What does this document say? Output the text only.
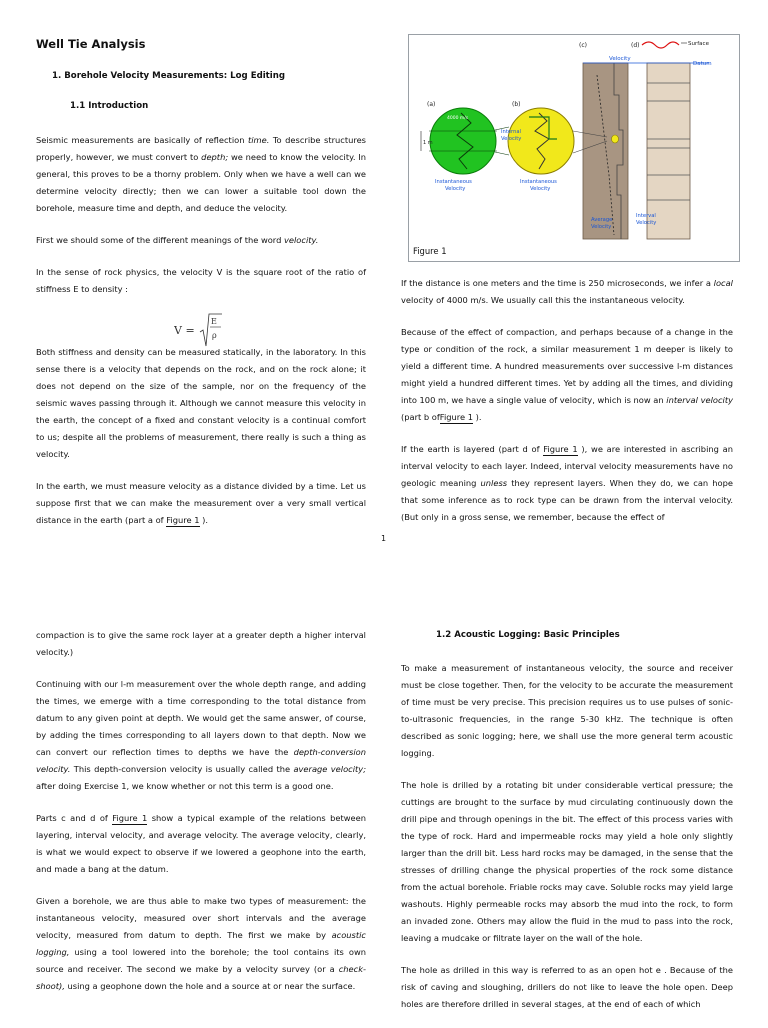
Well Tie Analysis
1. Borehole Velocity Measurements: Log Editing
1.1 Introduction

Seismic measurements are basically of reflection time. To describe structures properly, however, we must convert to depth; we need to know the velocity. In general, this proves to be a thorny problem. Only when we have a well can we determine velocity directly; then we can lower a suitable tool down the borehole, measure time and depth, and deduce the velocity.

First we should some of the different meanings of the word velocity.

In the sense of rock physics, the velocity V is the square root of the ratio of stiffness E to density :

Both stiffness and density can be measured statically, in the laboratory. In this sense there is a velocity that depends on the rock, and on the rock alone; it does not depend on the size of the sample, nor on the frequency of the seismic waves passing through it. Although we cannot measure this velocity in the earth, the concept of a fixed and constant velocity is a continual comfort to us; despite all the problems of measurement, there really is such a thing as velocity.

In the earth, we must measure velocity as a distance divided by a time. Let us suppose first that we can make the measurement over a very small vertical distance in the earth (part a of Figure 1 ).

V =
E
ρ
(c)	(d)	Surface
Datum
Velocity
(a)	(b)
4000 m/s
1 m
Instantaneous Velocity
Instantaneous Velocity
Internal Velocity
Average Velocity
Interval Velocity
Figure 1

If the distance is one meters and the time is 250 microseconds, we infer a local velocity of 4000 m/s. We usually call this the instantaneous velocity.

Because of the effect of compaction, and perhaps because of a change in the type or condition of the rock, a similar measurement 1 m deeper is likely to yield a different time. A hundred measurements over successive l-m distances might yield a hundred different times. Yet by adding all the times, and dividing into 100 m, we have a single value of velocity, which is now an interval velocity (part b ofFigure 1 ).

If the earth is layered (part d of Figure 1 ), we are interested in ascribing an interval velocity to each layer. Indeed, interval velocity measurements have no geologic meaning unless they represent layers. When they do, we can hope that some inference as to rock type can be drawn from the interval velocity. (But only in a gross sense, we remember, because the effect of

1

compaction is to give the same rock layer at a greater depth a higher interval velocity.)

Continuing with our l-m measurement over the whole depth range, and adding the times, we emerge with a time corresponding to the total distance from datum to any given point at depth. We would get the same answer, of course, by adding the times corresponding to all layers down to that depth. Now we can convert our reflection times to depths we have the depth-conversion velocity. This depth-conversion velocity is usually called the average velocity; after doing Exercise 1, we know whether or not this term is a good one.

Parts c and d of Figure 1 show a typical example of the relations between layering, interval velocity, and average velocity. The average velocity, clearly, is what we would expect to observe if we lowered a geophone into the earth, and made a bang at the datum.

Given a borehole, we are thus able to make two types of measurement: the instantaneous velocity, measured over short intervals and the average velocity, measured from datum to depth. The first we make by acoustic logging, using a tool lowered into the borehole; the tool contains its own source and receiver. The second we make by a velocity survey (or a check-shoot), using a geophone down the hole and a source at or near the surface.

1.2 Acoustic Logging: Basic Principles

To make a measurement of instantaneous velocity, the source and receiver must be close together. Then, for the velocity to be accurate the measurement of time must be very precise. This precision requires us to use pulses of sonic-to-ultrasonic frequencies, in the range 5-30 kHz. The technique is often described as sonic logging; here, we shall use the more general term acoustic logging.

The hole is drilled by a rotating bit under considerable vertical pressure; the cuttings are brought to the surface by mud circulating continuously down the drill pipe and through openings in the bit. The effect of this process varies with the type of rock. Hard and impermeable rocks may yield a hole only slightly larger than the drill bit. Less hard rocks may be damaged, in the sense that the stresses of drilling change the physical properties of the rock some distance from the actual borehole. Friable rocks may cave. Soluble rocks may yield large washouts. Highly permeable rocks may absorb the mud into the rock, to form an invaded zone. Others may allow the fluid in the mud to pass into the rock, leaving a mudcake or filtrate layer on the wall of the hole.

The hole as drilled in this way is referred to as an open hot e . Because of the risk of caving and sloughing, drillers do not like to leave the hole open. Deep holes are therefore drilled in several stages, at the end of each of which
